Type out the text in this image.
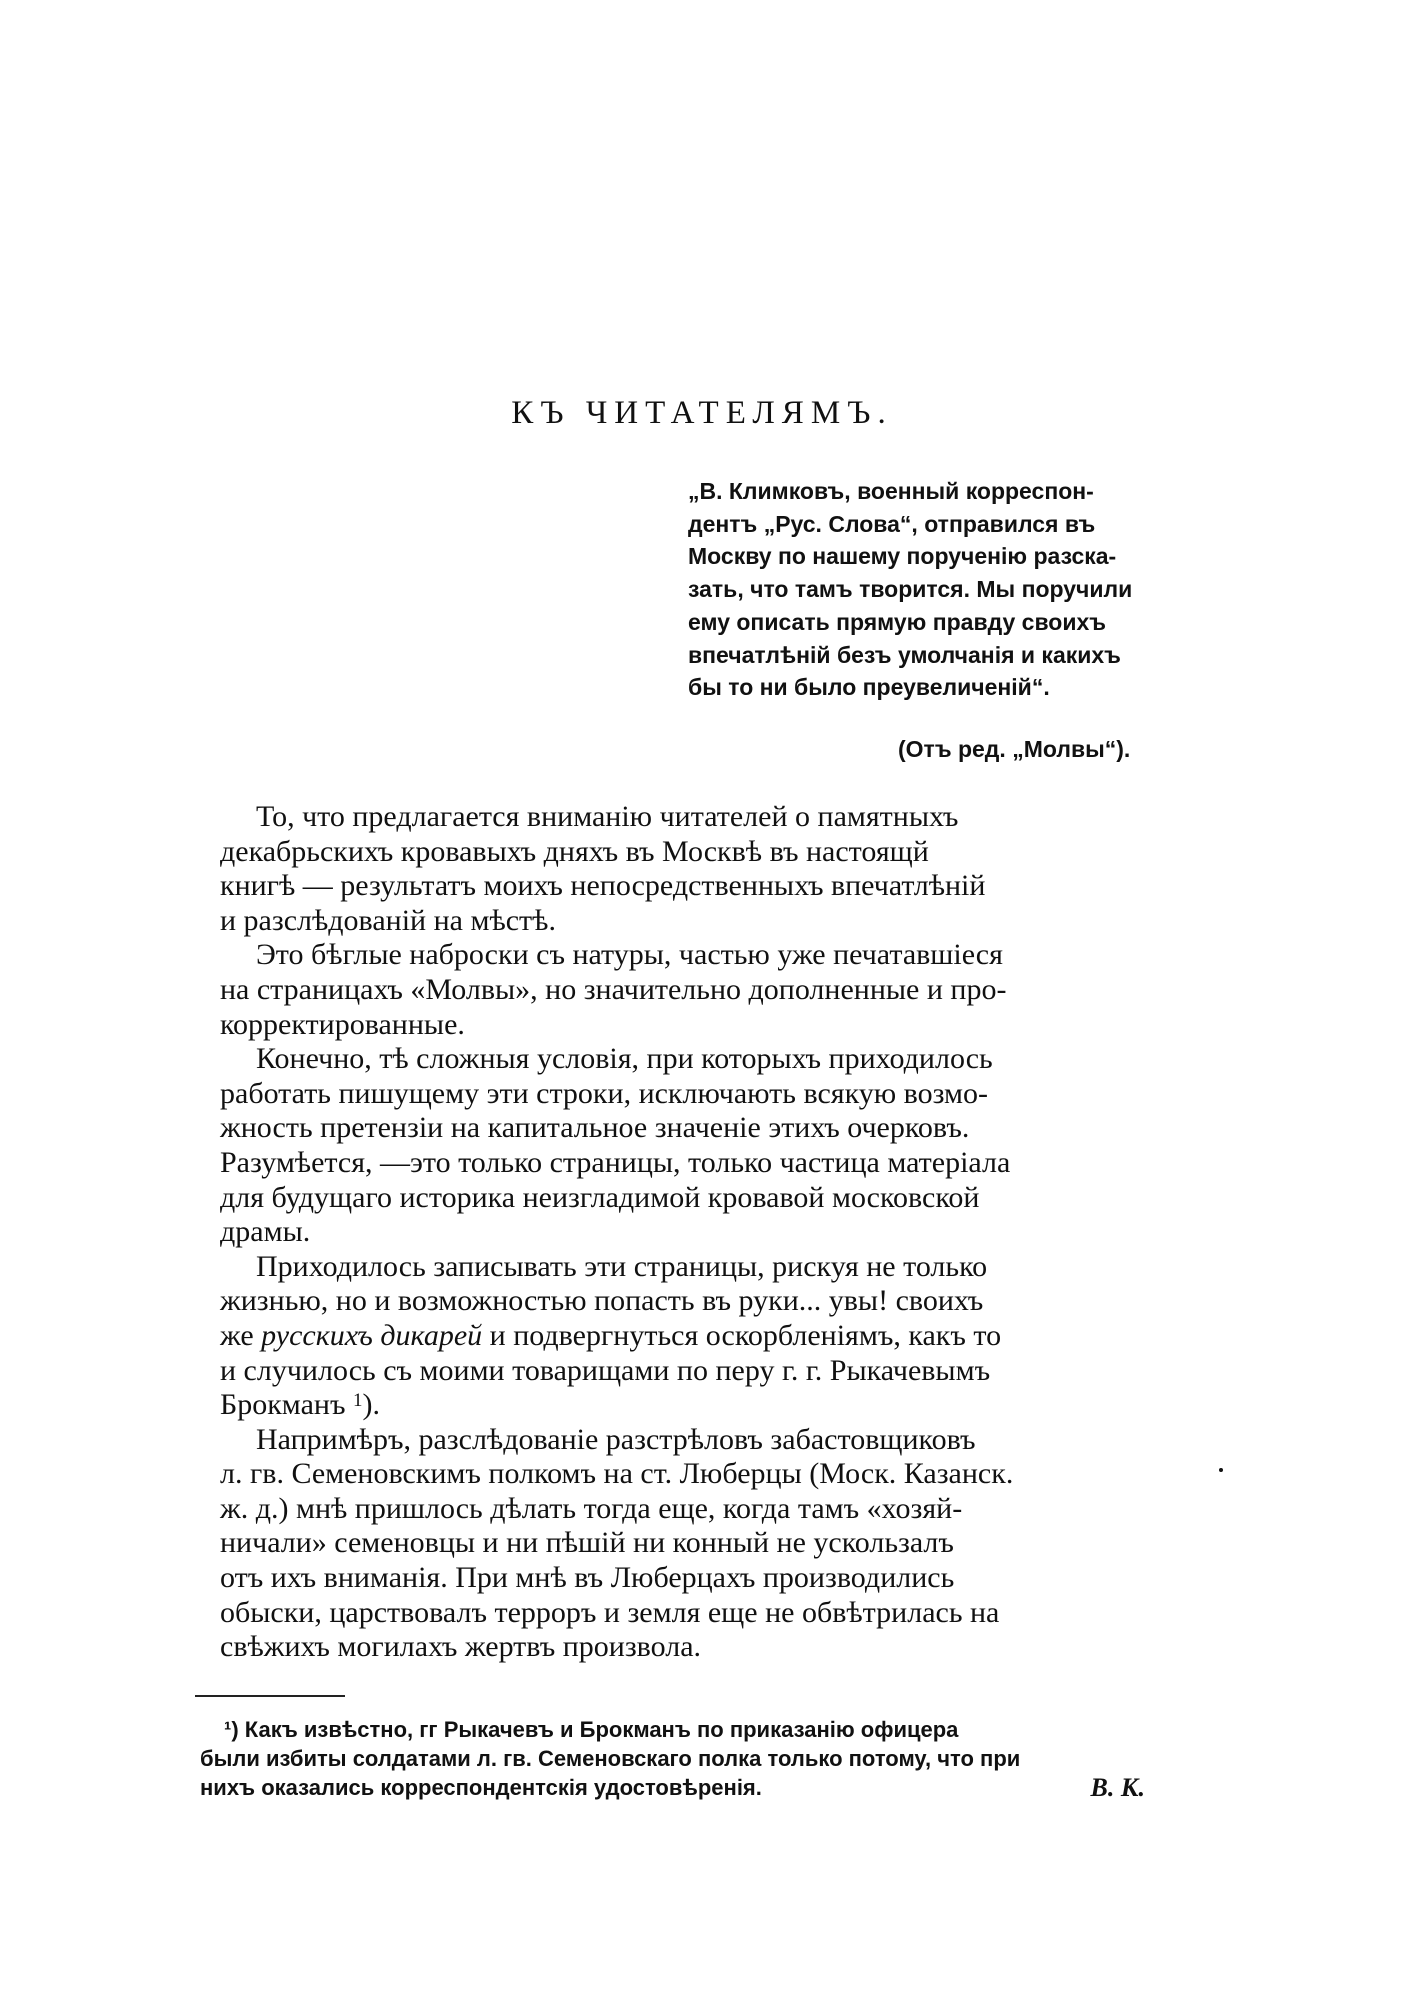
КЪ ЧИТАТЕЛЯМЪ.
„В. Климковъ, военный корреспон-
дентъ „Рус. Слова“, отправился въ
Москву по нашему порученію разска-
зать, что тамъ творится. Мы поручили
ему описать прямую правду своихъ
впечатлѣній безъ умолчанія и какихъ
бы то ни было преувеличеній“.
(Отъ ред. „Молвы“).
То, что предлагается вниманію читателей о памятныхъ
декабрьскихъ кровавыхъ дняхъ въ Москвѣ въ настоящй
книгѣ — результатъ моихъ непосредственныхъ впечатлѣній
и разслѣдованій на мѣстѣ.
Это бѣглые наброски съ натуры, частью уже печатавшіеся
на страницахъ «Молвы», но значительно дополненные и про-
корректированные.
Конечно, тѣ сложныя условія, при которыхъ приходилось
работать пишущему эти строки, исключають всякую возмо-
жность претензіи на капитальное значеніе этихъ очерковъ.
Разумѣется, —это только страницы, только частица матеріала
для будущаго историка неизгладимой кровавой московской
драмы.
Приходилось записывать эти страницы, рискуя не только
жизнью, но и возможностью попасть въ руки... увы! своихъ
же русскихъ дикарей и подвергнуться оскорбленіямъ, какъ то
и случилось съ моими товарищами по перу г. г. Рыкачевымъ
Брокманъ $^1$).
Напримѣръ, разслѣдованіе разстрѣловъ забастовщиковъ
л. гв. Семеновскимъ полкомъ на ст. Люберцы (Моск. Казанск.
ж. д.) мнѣ пришлось дѣлать тогда еще, когда тамъ «хозяй-
ничали» семеновцы и ни пѣшій ни конный не ускользалъ
отъ ихъ вниманія. При мнѣ въ Люберцахъ производились
обыски, царствовалъ терроръ и земля еще не обвѣтрилась на
свѣжихъ могилахъ жертвъ произвола.
¹) Какъ извѣстно, гг Рыкачевъ и Брокманъ по приказанію офицера
были избиты солдатами л. гв. Семеновскаго полка только потому, что при
нихъ оказались корреспондентскія удостовѣренія.	В. К.
